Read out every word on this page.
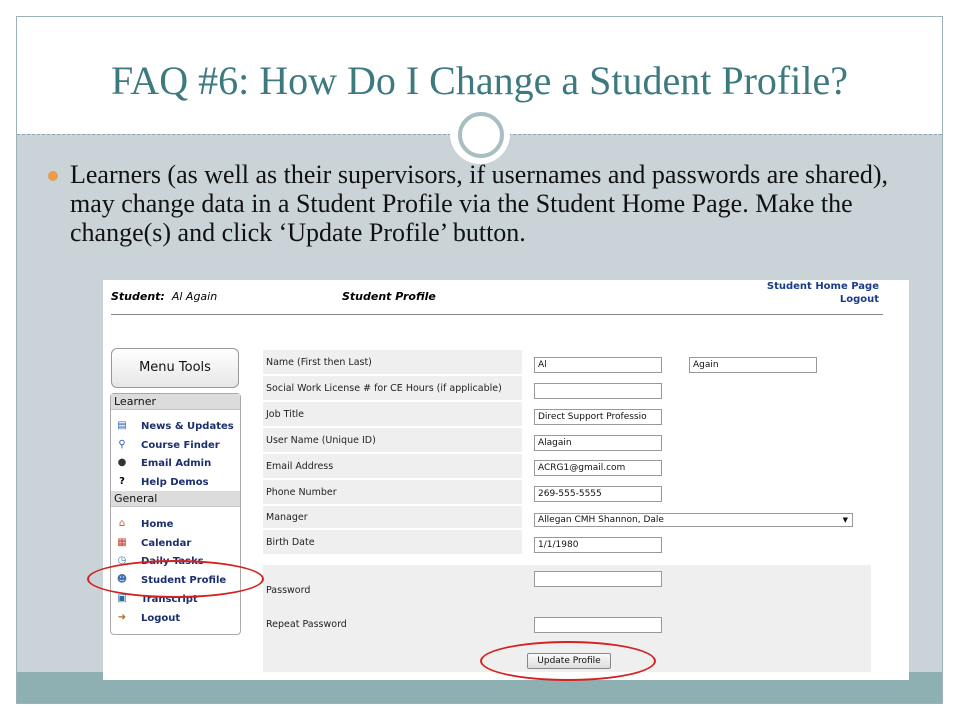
FAQ #6: How Do I Change a Student Profile?
Learners (as well as their supervisors, if usernames and passwords are shared), may change data in a Student Profile via the Student Home Page. Make the change(s) and click ‘Update Profile’ button.
Student: Al Again	Student Profile
Student Home Page
Logout
Menu Tools
Learner
▤ News & Updates
⚲ Course Finder
● Email Admin
? Help Demos
General
⌂ Home
▦ Calendar
◷ Daily Tasks
☻ Student Profile
▣ Transcript
➜ Logout
Name (First then Last)	Al	Again
Social Work License # for CE Hours (if applicable)
Job Title	Direct Support Professio
User Name (Unique ID)	Alagain
Email Address	ACRG1@gmail.com
Phone Number	269-555-5555
Manager	Allegan CMH Shannon, Dale	▼
Birth Date	1/1/1980
Password
Repeat Password
Update Profile
